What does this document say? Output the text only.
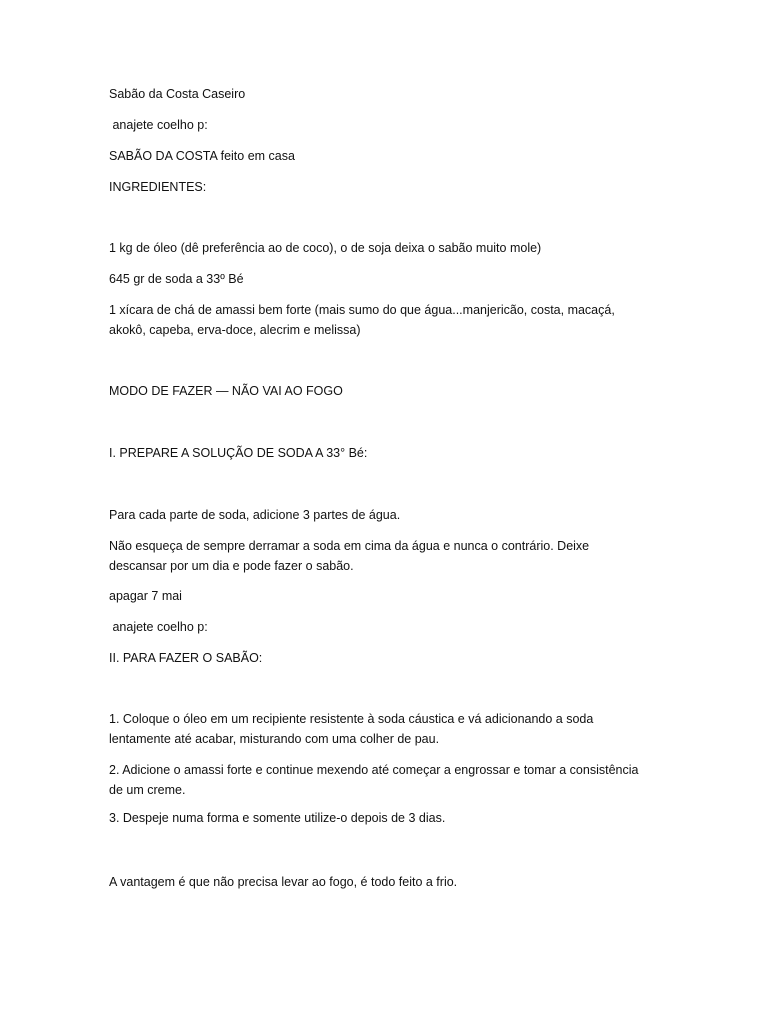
Sabão da Costa Caseiro
anajete coelho p:
SABÃO DA COSTA feito em casa
INGREDIENTES:
1 kg de óleo (dê preferência ao de coco), o de soja deixa o sabão muito mole)
645 gr de soda a 33º Bé
1 xícara de chá de amassi bem forte (mais sumo do que água...manjericão, costa, macaçá, akokô, capeba, erva-doce, alecrim e melissa)
MODO DE FAZER — NÃO VAI AO FOGO
I. PREPARE A SOLUÇÃO DE SODA A 33° Bé:
Para cada parte de soda, adicione 3 partes de água.
Não esqueça de sempre derramar a soda em cima da água e nunca o contrário. Deixe descansar por um dia e pode fazer o sabão.
apagar 7 mai
anajete coelho p:
II. PARA FAZER O SABÃO:
1. Coloque o óleo em um recipiente resistente à soda cáustica e vá adicionando a soda lentamente até acabar, misturando com uma colher de pau.
2. Adicione o amassi forte e continue mexendo até começar a engrossar e tomar a consistência de um creme.
3. Despeje numa forma e somente utilize-o depois de 3 dias.
A vantagem é que não precisa levar ao fogo, é todo feito a frio.
